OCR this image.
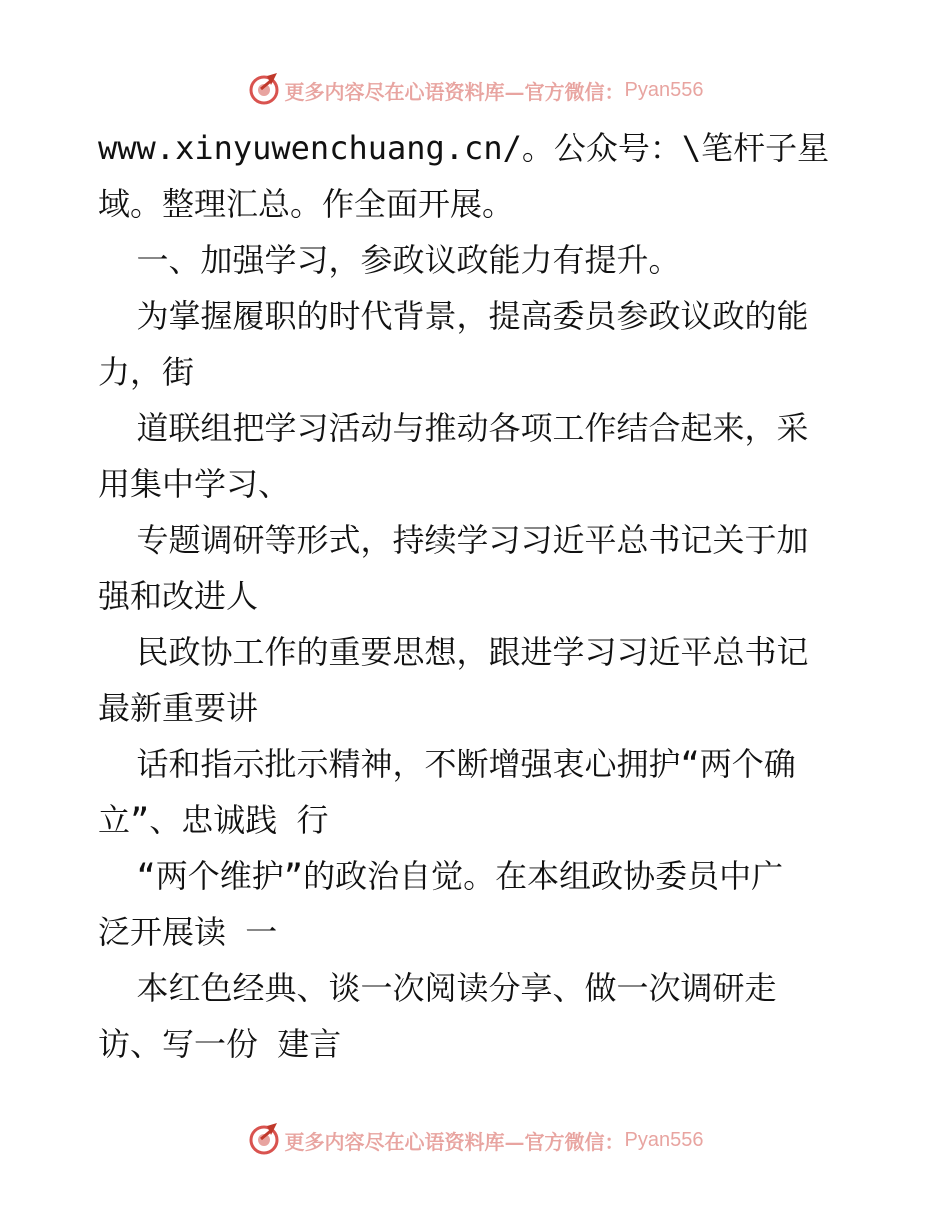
更多内容尽在心语资料库—官方微信： Pyan556
www.xinyuwenchuang.cn/。公众号：\笔杆子星
域。整理汇总。作全面开展。
一、加强学习，参政议政能力有提升。
为掌握履职的时代背景，提高委员参政议政的能
力，街
道联组把学习活动与推动各项工作结合起来，采
用集中学习、
专题调研等形式，持续学习习近平总书记关于加
强和改进人
民政协工作的重要思想，跟进学习习近平总书记
最新重要讲
话和指示批示精神，不断增强衷心拥护“两个确
立”、忠诚践 行
“两个维护”的政治自觉。在本组政协委员中广
泛开展读 一
本红色经典、谈一次阅读分享、做一次调研走
访、写一份 建言
更多内容尽在心语资料库—官方微信： Pyan556
